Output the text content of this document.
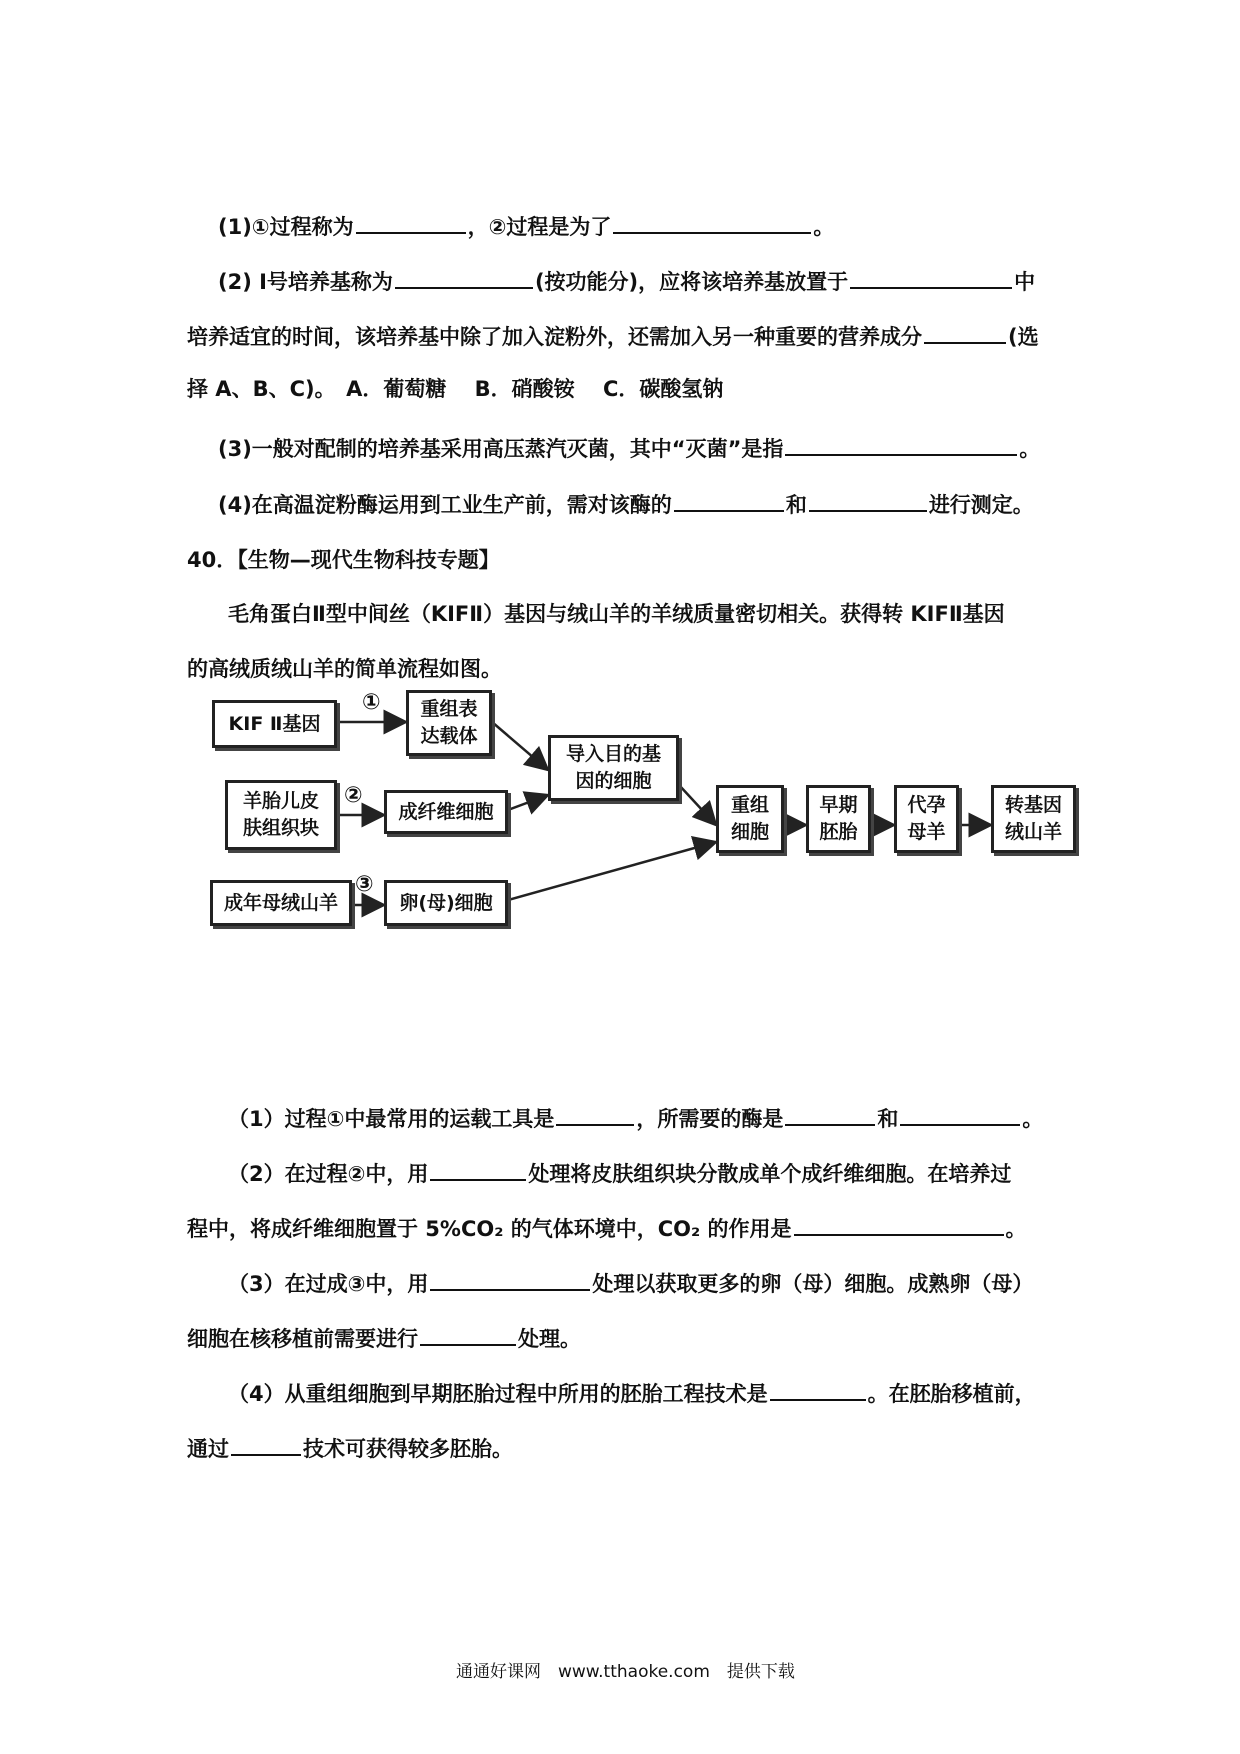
(1)①过程称为	，②过程是为了	。
(2) Ⅰ号培养基称为	(按功能分)，应将该培养基放置于	中
培养适宜的时间，该培养基中除了加入淀粉外，还需加入另一种重要的营养成分	(选
择 A、B、C)。　A．葡萄糖　 B．硝酸铵　 C．碳酸氢钠
(3)一般对配制的培养基采用高压蒸汽灭菌，其中“灭菌”是指	。
(4)在高温淀粉酶运用到工业生产前，需对该酶的	和	进行测定。
40．【生物—现代生物科技专题】
毛角蛋白Ⅱ型中间丝（KIFⅡ）基因与绒山羊的羊绒质量密切相关。获得转 KIFⅡ基因
的高绒质绒山羊的简单流程如图。
①
②
③
KIF Ⅱ基因
重组表
达载体
羊胎儿皮
肤组织块
成纤维细胞
成年母绒山羊	卵(母)细胞
导入目的基
因的细胞
重组
细胞
早期
胚胎
代孕
母羊
转基因
绒山羊
（1）过程①中最常用的运载工具是	，所需要的酶是	和	。
（2）在过程②中，用	处理将皮肤组织块分散成单个成纤维细胞。在培养过
程中，将成纤维细胞置于 5%CO₂ 的气体环境中，CO₂ 的作用是	。
（3）在过成③中，用	处理以获取更多的卵（母）细胞。成熟卵（母）
细胞在核移植前需要进行	处理。
（4）从重组细胞到早期胚胎过程中所用的胚胎工程技术是	。在胚胎移植前，
通过	技术可获得较多胚胎。
通通好课网　www.tthaoke.com　提供下载
